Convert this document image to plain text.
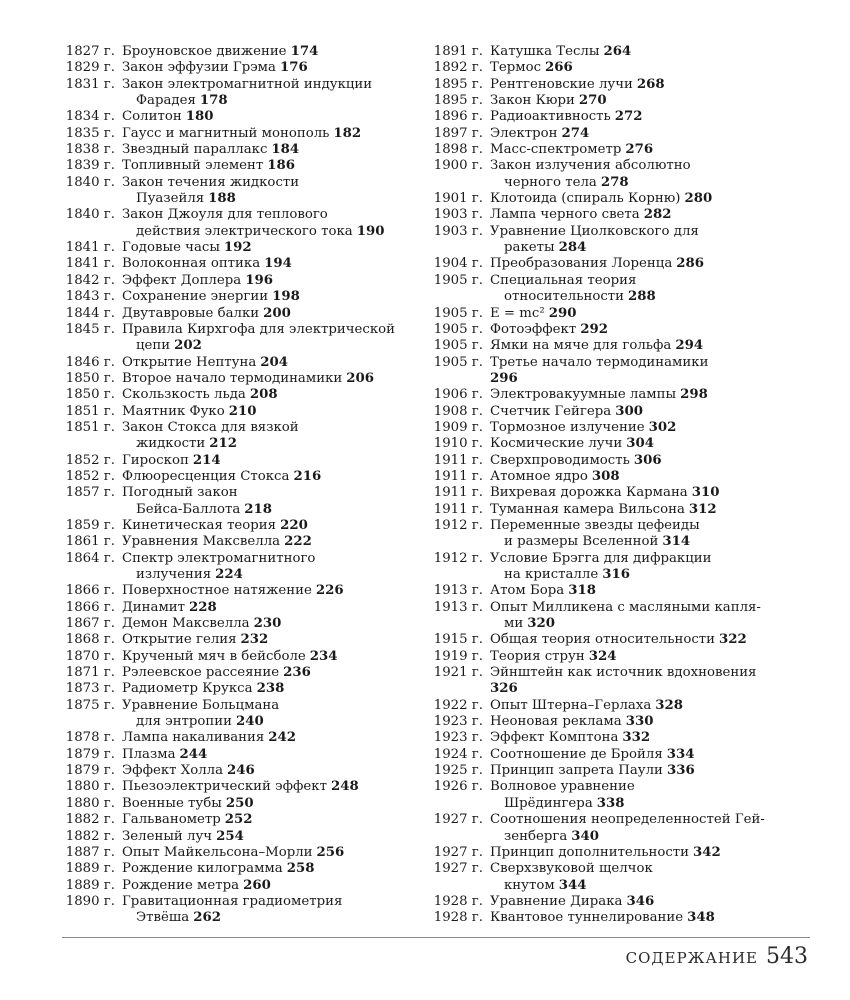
1827 г. Броуновское движение 174
1829 г. Закон эффузии Грэма 176
1831 г. Закон электромагнитной индукции
Фарадея 178
1834 г. Солитон 180
1835 г. Гаусс и магнитный монополь 182
1838 г. Звездный параллакс 184
1839 г. Топливный элемент 186
1840 г. Закон течения жидкости
Пуазейля 188
1840 г. Закон Джоуля для теплового
действия электрического тока 190
1841 г. Годовые часы 192
1841 г. Волоконная оптика 194
1842 г. Эффект Доплера 196
1843 г. Сохранение энергии 198
1844 г. Двутавровые балки 200
1845 г. Правила Кирхгофа для электрической
цепи 202
1846 г. Открытие Нептуна 204
1850 г. Второе начало термодинамики 206
1850 г. Скользкость льда 208
1851 г. Маятник Фуко 210
1851 г. Закон Стокса для вязкой
жидкости 212
1852 г. Гироскоп 214
1852 г. Флюоресценция Стокса 216
1857 г. Погодный закон
Бейса-Баллота 218
1859 г. Кинетическая теория 220
1861 г. Уравнения Максвелла 222
1864 г. Спектр электромагнитного
излучения 224
1866 г. Поверхностное натяжение 226
1866 г. Динамит 228
1867 г. Демон Максвелла 230
1868 г. Открытие гелия 232
1870 г. Крученый мяч в бейсболе 234
1871 г. Рэлеевское рассеяние 236
1873 г. Радиометр Крукса 238
1875 г. Уравнение Больцмана
для энтропии 240
1878 г. Лампа накаливания 242
1879 г. Плазма 244
1879 г. Эффект Холла 246
1880 г. Пьезоэлектрический эффект 248
1880 г. Военные тубы 250
1882 г. Гальванометр 252
1882 г. Зеленый луч 254
1887 г. Опыт Майкельсона–Морли 256
1889 г. Рождение килограмма 258
1889 г. Рождение метра 260
1890 г. Гравитационная градиометрия
Этвёша 262
1891 г. Катушка Теслы 264
1892 г. Термос 266
1895 г. Рентгеновские лучи 268
1895 г. Закон Кюри 270
1896 г. Радиоактивность 272
1897 г. Электрон 274
1898 г. Масс-спектрометр 276
1900 г. Закон излучения абсолютно
черного тела 278
1901 г. Клотоида (спираль Корню) 280
1903 г. Лампа черного света 282
1903 г. Уравнение Циолковского для
ракеты 284
1904 г. Преобразования Лоренца 286
1905 г. Специальная теория
относительности 288
1905 г. E = mc² 290
1905 г. Фотоэффект 292
1905 г. Ямки на мяче для гольфа 294
1905 г. Третье начало термодинамики
296
1906 г. Электровакуумные лампы 298
1908 г. Счетчик Гейгера 300
1909 г. Тормозное излучение 302
1910 г. Космические лучи 304
1911 г. Сверхпроводимость 306
1911 г. Атомное ядро 308
1911 г. Вихревая дорожка Кармана 310
1911 г. Туманная камера Вильсона 312
1912 г. Переменные звезды цефеиды
и размеры Вселенной 314
1912 г. Условие Брэгга для дифракции
на кристалле 316
1913 г. Атом Бора 318
1913 г. Опыт Милликена с масляными капля-
ми 320
1915 г. Общая теория относительности 322
1919 г. Теория струн 324
1921 г. Эйнштейн как источник вдохновения
326
1922 г. Опыт Штерна–Герлаха 328
1923 г. Неоновая реклама 330
1923 г. Эффект Комптона 332
1924 г. Соотношение де Бройля 334
1925 г. Принцип запрета Паули 336
1926 г. Волновое уравнение
Шрёдингера 338
1927 г. Соотношения неопределенностей Гей-
зенберга 340
1927 г. Принцип дополнительности 342
1927 г. Сверхзвуковой щелчок
кнутом 344
1928 г. Уравнение Дирака 346
1928 г. Квантовое туннелирование 348
СОДЕРЖАНИЕ 543
